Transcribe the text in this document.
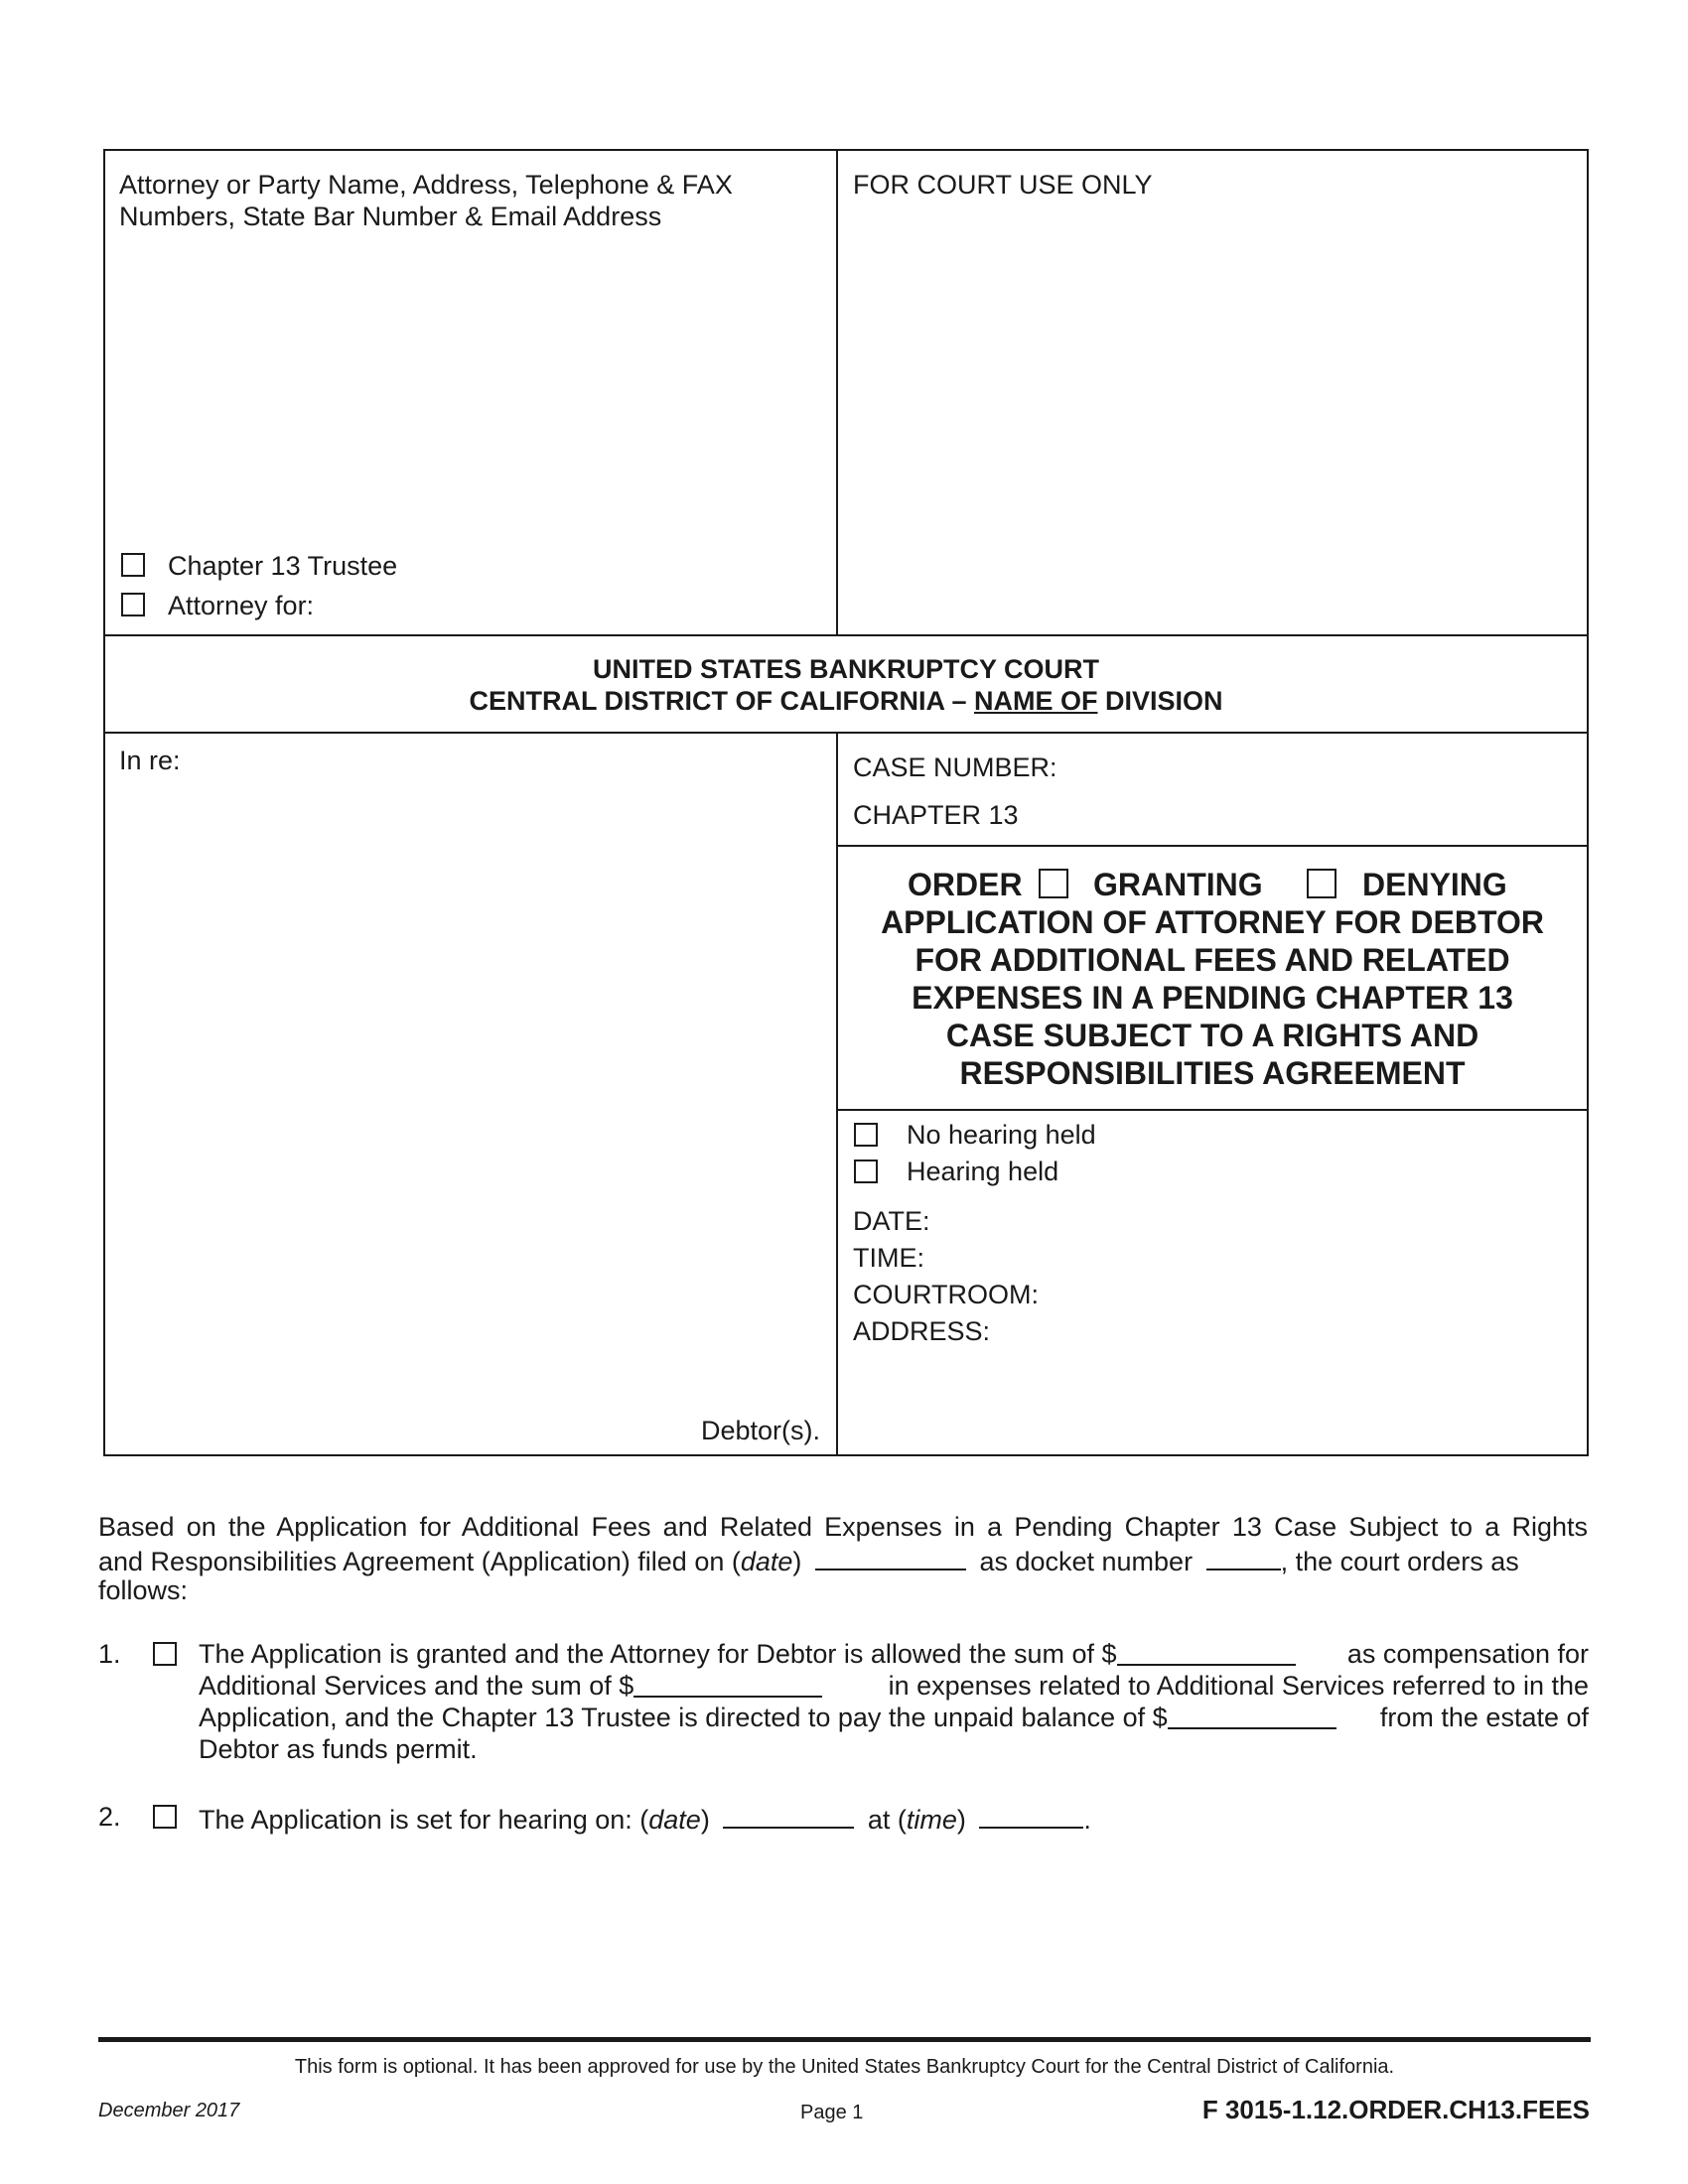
Attorney or Party Name, Address, Telephone & FAX
Numbers, State Bar Number & Email Address
FOR COURT USE ONLY
Chapter 13 Trustee
Attorney for:
UNITED STATES BANKRUPTCY COURT
CENTRAL DISTRICT OF CALIFORNIA – NAME OF DIVISION
In re:
Debtor(s).
CASE NUMBER:
CHAPTER 13
ORDER GRANTING	DENYING
APPLICATION OF ATTORNEY FOR DEBTOR
FOR ADDITIONAL FEES AND RELATED
EXPENSES IN A PENDING CHAPTER 13
CASE SUBJECT TO A RIGHTS AND
RESPONSIBILITIES AGREEMENT
No hearing held
Hearing held
DATE:
TIME:
COURTROOM:
ADDRESS:
Based on the Application for Additional Fees and Related Expenses in a Pending Chapter 13 Case Subject to a Rights
and Responsibilities Agreement (Application) filed on (date)	as docket number	, the court orders as
follows:
1.	The Application is granted and the Attorney for Debtor is allowed the sum of $	as compensation for
Additional Services and the sum of $	in expenses related to Additional Services referred to in the
Application, and the Chapter 13 Trustee is directed to pay the unpaid balance of $	from the estate of
Debtor as funds permit.
2.	The Application is set for hearing on: (date)	at (time)	.
This form is optional. It has been approved for use by the United States Bankruptcy Court for the Central District of California.
December 2017	Page 1	F 3015-1.12.ORDER.CH13.FEES
